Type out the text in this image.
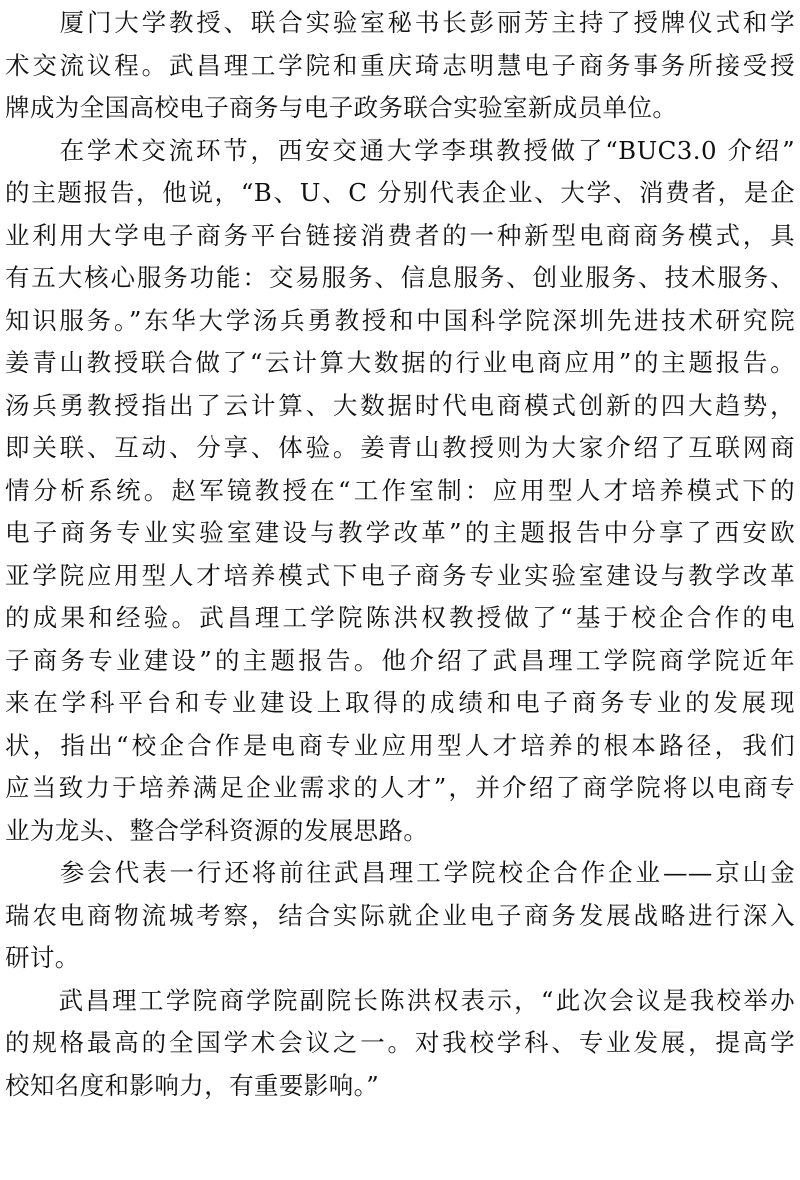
　　厦门大学教授、联合实验室秘书长彭丽芳主持了授牌仪式和学
术交流议程。武昌理工学院和重庆琦志明慧电子商务事务所接受授
牌成为全国高校电子商务与电子政务联合实验室新成员单位。
　　在学术交流环节，西安交通大学李琪教授做了“BUC3.0 介绍”
的主题报告，他说，“B、U、C 分别代表企业、大学、消费者，是企
业利用大学电子商务平台链接消费者的一种新型电商商务模式，具
有五大核心服务功能：交易服务、信息服务、创业服务、技术服务、
知识服务。”东华大学汤兵勇教授和中国科学院深圳先进技术研究院
姜青山教授联合做了“云计算大数据的行业电商应用”的主题报告。
汤兵勇教授指出了云计算、大数据时代电商模式创新的四大趋势，
即关联、互动、分享、体验。姜青山教授则为大家介绍了互联网商
情分析系统。赵军镜教授在“工作室制：应用型人才培养模式下的
电子商务专业实验室建设与教学改革”的主题报告中分享了西安欧
亚学院应用型人才培养模式下电子商务专业实验室建设与教学改革
的成果和经验。武昌理工学院陈洪权教授做了“基于校企合作的电
子商务专业建设”的主题报告。他介绍了武昌理工学院商学院近年
来在学科平台和专业建设上取得的成绩和电子商务专业的发展现
状，指出“校企合作是电商专业应用型人才培养的根本路径，我们
应当致力于培养满足企业需求的人才”，并介绍了商学院将以电商专
业为龙头、整合学科资源的发展思路。
　　参会代表一行还将前往武昌理工学院校企合作企业——京山金
瑞农电商物流城考察，结合实际就企业电子商务发展战略进行深入
研讨。
　　武昌理工学院商学院副院长陈洪权表示，“此次会议是我校举办
的规格最高的全国学术会议之一。对我校学科、专业发展，提高学
校知名度和影响力，有重要影响。”
